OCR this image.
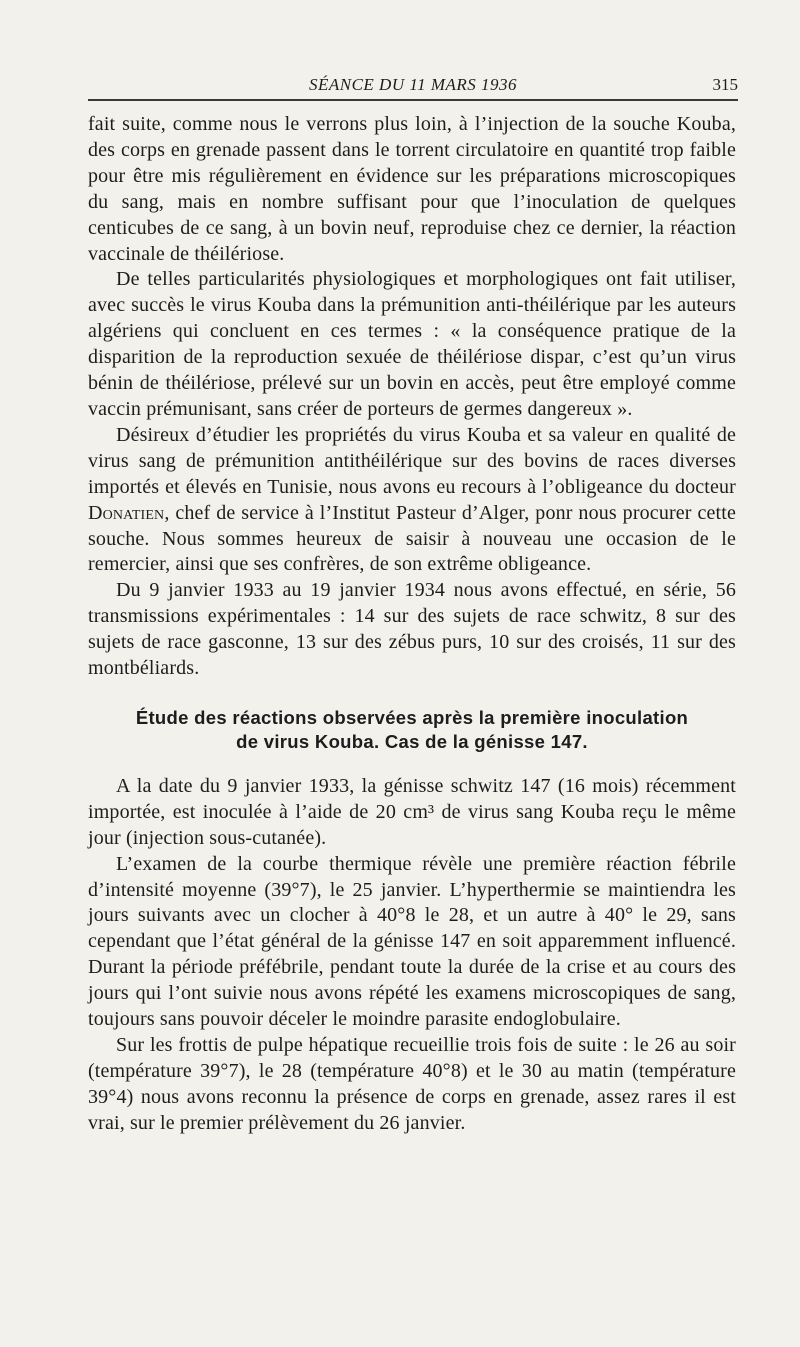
SÉANCE DU 11 MARS 1936	315

fait suite, comme nous le verrons plus loin, à l’injection de la souche Kouba, des corps en grenade passent dans le torrent circulatoire en quantité trop faible pour être mis régulièrement en évidence sur les préparations microscopiques du sang, mais en nombre suffisant pour que l’inoculation de quelques centicubes de ce sang, à un bovin neuf, reproduise chez ce dernier, la réaction vaccinale de théilériose.

De telles particularités physiologiques et morphologiques ont fait utiliser, avec succès le virus Kouba dans la prémunition anti-théilérique par les auteurs algériens qui concluent en ces termes : « la conséquence pratique de la disparition de la reproduction sexuée de théilériose dispar, c’est qu’un virus bénin de théilériose, prélevé sur un bovin en accès, peut être employé comme vaccin prémunisant, sans créer de porteurs de germes dangereux ».

Désireux d’étudier les propriétés du virus Kouba et sa valeur en qualité de virus sang de prémunition antithéilérique sur des bovins de races diverses importés et élevés en Tunisie, nous avons eu recours à l’obligeance du docteur Donatien, chef de service à l’Institut Pasteur d’Alger, ponr nous procurer cette souche. Nous sommes heureux de saisir à nouveau une occasion de le remercier, ainsi que ses confrères, de son extrême obligeance.

Du 9 janvier 1933 au 19 janvier 1934 nous avons effectué, en série, 56 transmissions expérimentales : 14 sur des sujets de race schwitz, 8 sur des sujets de race gasconne, 13 sur des zébus purs, 10 sur des croisés, 11 sur des montbéliards.

Étude des réactions observées après la première inoculation
de virus Kouba. Cas de la génisse 147.

A la date du 9 janvier 1933, la génisse schwitz 147 (16 mois) récemment importée, est inoculée à l’aide de 20 cm³ de virus sang Kouba reçu le même jour (injection sous-cutanée).

L’examen de la courbe thermique révèle une première réaction fébrile d’intensité moyenne (39°7), le 25 janvier. L’hyperthermie se maintiendra les jours suivants avec un clocher à 40°8 le 28, et un autre à 40° le 29, sans cependant que l’état général de la génisse 147 en soit apparemment influencé. Durant la période préfébrile, pendant toute la durée de la crise et au cours des jours qui l’ont suivie nous avons répété les examens microscopiques de sang, toujours sans pouvoir déceler le moindre parasite endoglobulaire.

Sur les frottis de pulpe hépatique recueillie trois fois de suite : le 26 au soir (température 39°7), le 28 (température 40°8) et le 30 au matin (température 39°4) nous avons reconnu la présence de corps en grenade, assez rares il est vrai, sur le premier prélèvement du 26 janvier.
